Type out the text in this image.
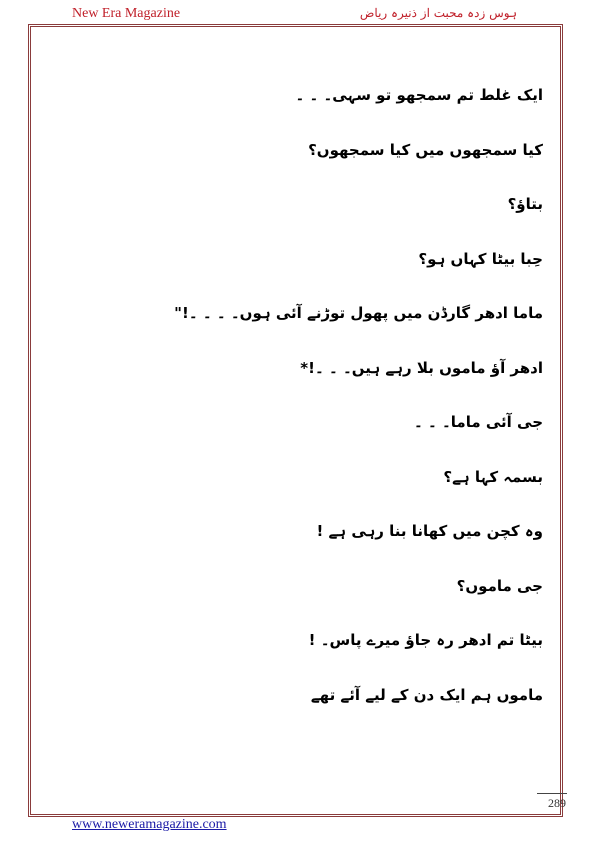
New Era Magazine	ہوس زدہ محبت از ذنیرہ ریاض
ایک غلط تم سمجھو تو سہی۔ ۔ ۔
کیا سمجھوں میں کیا سمجھوں؟
بتاؤ؟
حِبا بیٹا کہاں ہو؟
ماما ادھر گارڈن میں پھول توڑنے آئی ہوں۔ ۔ ۔ ۔!"
ادھر آؤ ماموں بلا رہے ہیں۔ ۔ ۔!*
جی آئی ماما۔ ۔ ۔
بسمہ کہا ہے؟
وہ کچن میں کھانا بنا رہی ہے !
جی ماموں؟
بیٹا تم ادھر رہ جاؤ میرے پاس۔ !
ماموں ہم ایک دن کے لیے آئے تھے
289
www.neweramagazine.com
